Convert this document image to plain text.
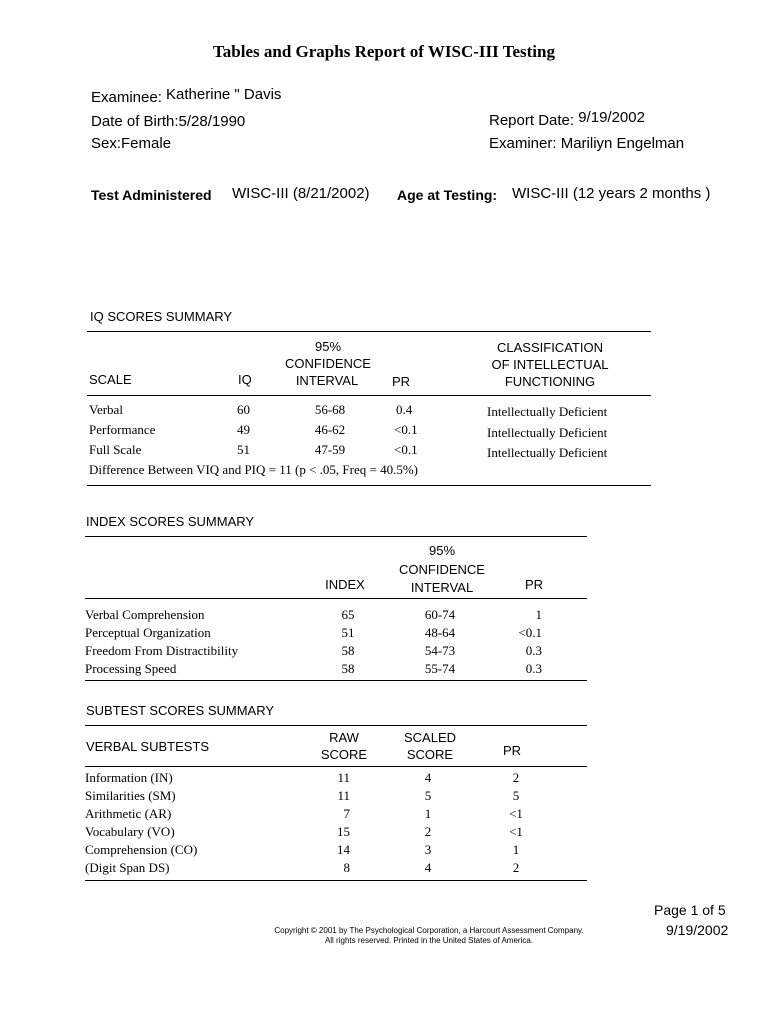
Tables and Graphs Report of WISC-III Testing
Examinee: Katherine " Davis
Date of Birth:5/28/1990
Sex:Female
Report Date: 9/19/2002
Examiner: Mariliyn Engelman
Test Administered WISC-III (8/21/2002) Age at Testing: WISC-III (12 years 2 months )
IQ SCORES SUMMARY
SCALE	IQ
95%
CONFIDENCE
INTERVAL	PR
CLASSIFICATION
OF INTELLECTUAL
FUNCTIONING
Verbal	60	56-68	0.4	Intellectually Deficient
Performance	49	46-62	<0.1	Intellectually Deficient
Full Scale	51	47-59	<0.1	Intellectually Deficient
Difference Between VIQ and PIQ = 11 (p < .05, Freq = 40.5%)
INDEX SCORES SUMMARY
INDEX
95%
CONFIDENCE
INTERVAL	PR
Verbal Comprehension	65	60-74	1
Perceptual Organization	51	48-64	<0.1
Freedom From Distractibility	58	54-73	0.3
Processing Speed	58	55-74	0.3
SUBTEST SCORES SUMMARY
VERBAL SUBTESTS
RAW
SCORE
SCALED
SCORE	PR
Information (IN)	11	4	2
Similarities (SM)	11	5	5
Arithmetic (AR)	7	1	<1
Vocabulary (VO)	15	2	<1
Comprehension (CO)	14	3	1
(Digit Span DS)	8	4	2
Page 1 of 5
9/19/2002
Copyright © 2001 by The Psychological Corporation, a Harcourt Assessment Company.
All rights reserved. Printed in the United States of America.
